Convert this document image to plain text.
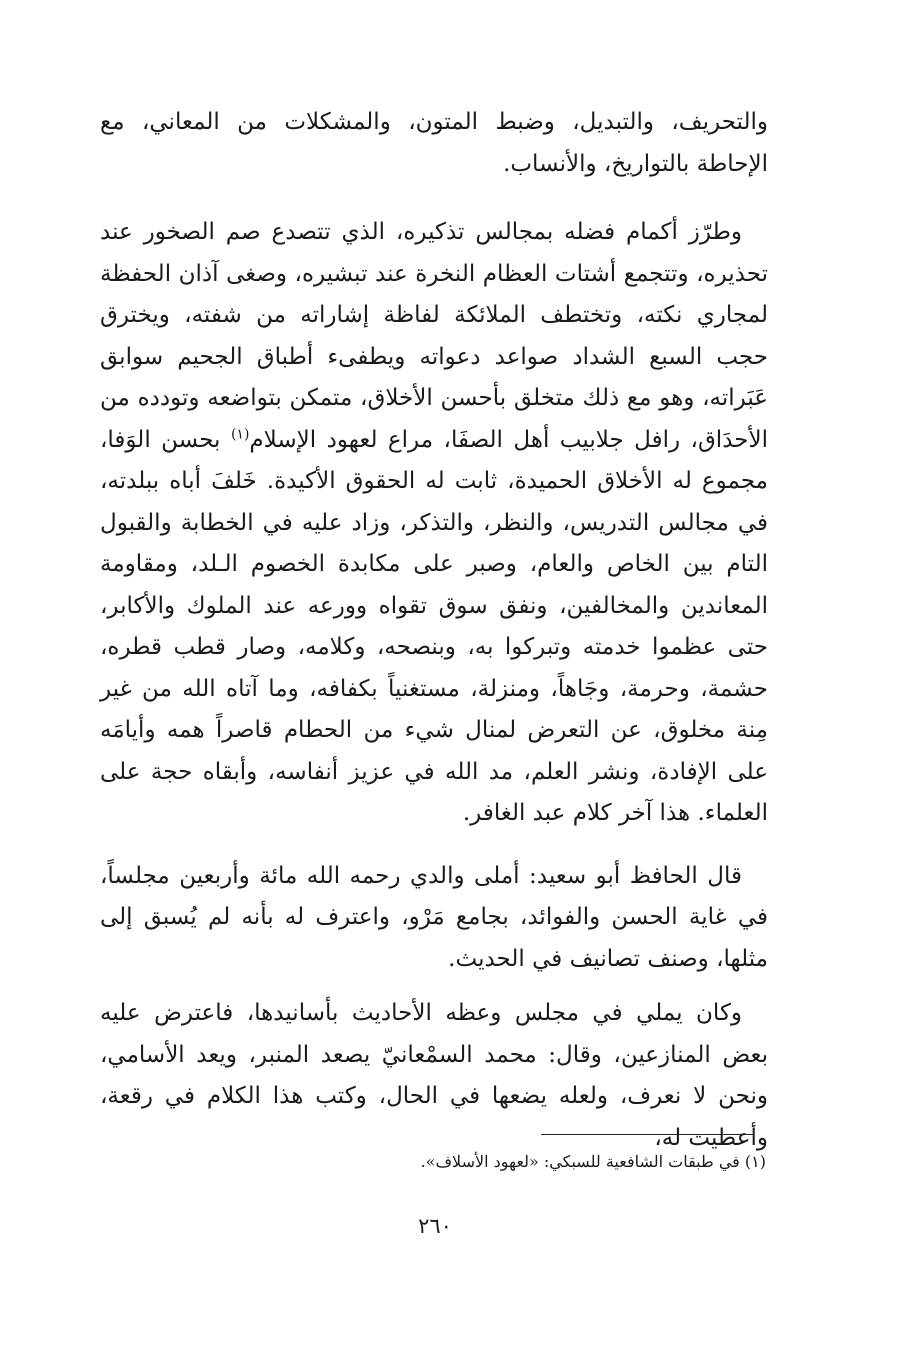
والتحريف، والتبديل، وضبط المتون، والمشكلات من المعاني، مع الإحاطة بالتواريخ، والأنساب.

وطرّز أكمام فضله بمجالس تذكيره، الذي تتصدع صم الصخور عند تحذيره، وتتجمع أشتات العظام النخرة عند تبشيره، وصغى آذان الحفظة لمجاري نكته، وتختطف الملائكة لفاظة إشاراته من شفته، ويخترق حجب السبع الشداد صواعد دعواته ويطفىء أطباق الجحيم سوابق عَبَراته، وهو مع ذلك متخلق بأحسن الأخلاق، متمكن بتواضعه وتودده من الأحدَاق، رافل جلابيب أهل الصفَا، مراع لعهود الإسلام$^{(١)}$ بحسن الوَفا، مجموع له الأخلاق الحميدة، ثابت له الحقوق الأكيدة. خَلفَ أباه ببلدته، في مجالس التدريس، والنظر، والتذكر، وزاد عليه في الخطابة والقبول التام بين الخاص والعام، وصبر على مكابدة الخصوم الـلد، ومقاومة المعاندين والمخالفين، ونفق سوق تقواه وورعه عند الملوك والأكابر، حتى عظموا خدمته وتبركوا به، وبنصحه، وكلامه، وصار قطب قطره، حشمة، وحرمة، وجَاهاً، ومنزلة، مستغنياً بكفافه، وما آتاه الله من غير مِنة مخلوق، عن التعرض لمنال شيء من الحطام قاصراً همه وأيامَه على الإفادة، ونشر العلم، مد الله في عزيز أنفاسه، وأبقاه حجة على العلماء. هذا آخر كلام عبد الغافر.

قال الحافظ أبو سعيد: أملى والدي رحمه الله مائة وأربعين مجلساً، في غاية الحسن والفوائد، بجامع مَرْو، واعترف له بأنه لم يُسبق إلى مثلها، وصنف تصانيف في الحديث.

وكان يملي في مجلس وعظه الأحاديث بأسانيدها، فاعترض عليه بعض المنازعين، وقال: محمد السمْعانيّ يصعد المنبر، ويعد الأسامي، ونحن لا نعرف، ولعله يضعها في الحال، وكتب هذا الكلام في رقعة، وأعطيت له،

(١) في طبقات الشافعية للسبكي: «لعهود الأسلاف».
٢٦٠
